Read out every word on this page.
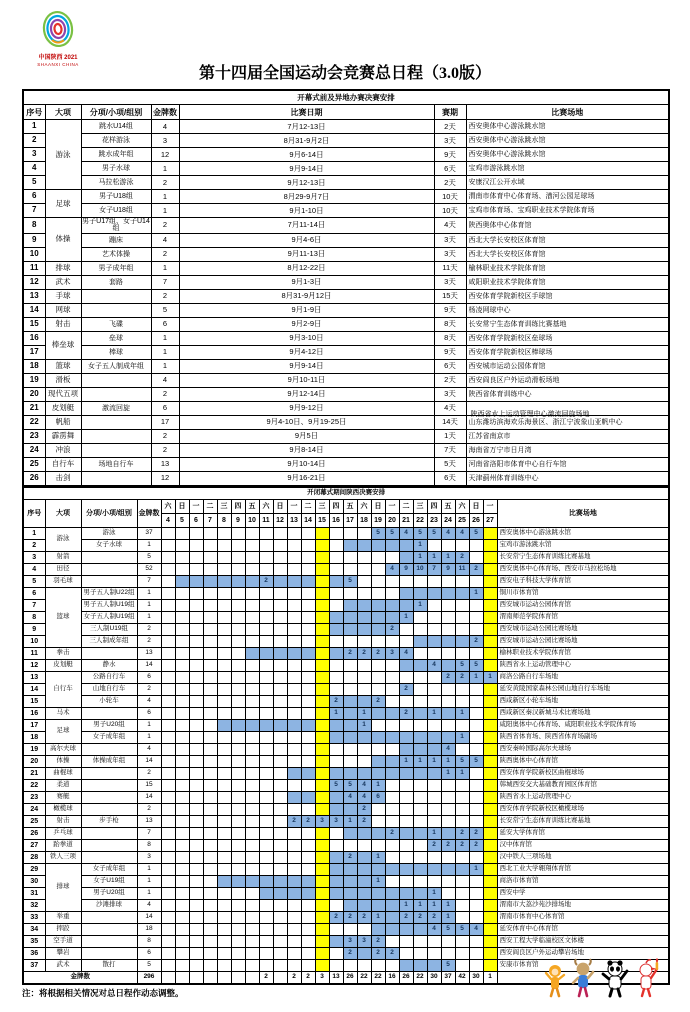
中国陕西 2021
SHAANXI CHINA
第十四届全国运动会竞赛总日程（3.0版）
开幕式前及异地办赛决赛安排						
序号	大项	分项/小项/组别	金牌数	比赛日期	赛期	比赛场地
1	游泳	跳水U14组	4	7月12-13日	2天	西安奥体中心游泳跳水馆
2		花样游泳	3	8月31-9月2日	3天	西安奥体中心游泳跳水馆
3		跳水成年组	12	9月6-14日	9天	西安奥体中心游泳跳水馆
4		男子水球	1	9月9-14日	6天	宝鸡市游泳跳水馆
5		马拉松游泳	2	9月12-13日	2天	安康汉江公开水域
6	足球	男子U18组	1	8月29-9月7日	10天	渭南市体育中心体育场、湭河公园足球场
7		女子U18组	1	9月1-10日	10天	宝鸡市体育场、宝鸡职业技术学院体育场
8	体操	男子U17组、女子U14组	2	7月11-14日	4天	陕西奥体中心体育馆
9		蹦床	4	9月4-6日	3天	西北大学长安校区体育馆
10		艺术体操	2	9月11-13日	3天	西北大学长安校区体育馆
11	排球	男子成年组	1	8月12-22日	11天	榆林职业技术学院体育馆
12	武术	套路	7	9月1-3日	3天	咸阳职业技术学院体育馆
13	手球		2	8月31-9月12日	15天	西安体育学院新校区手球馆
14	网球		5	9月1-9日	9天	杨凌网球中心
15	射击	飞碟	6	9月2-9日	8天	长安常宁生态体育训练比赛基地
16	棒垒球	垒球	1	9月3-10日	8天	西安体育学院新校区垒球场
17		棒球	1	9月4-12日	9天	西安体育学院新校区棒球场
18	篮球	女子五人制成年组	1	9月9-14日	6天	西安城市运动公园体育馆
19	滑板		4	9月10-11日	2天	西安阎良区户外运动滑板场地
20	现代五项		2	9月12-14日	3天	陕西省体育训练中心
21	皮划艇	激流回旋	6	9月9-12日	4天	陕西省水上运动管理中心激流回旋场地

22	帆船		17	9月4-10日、9月19-25日	14天	山东潍坊滨海欢乐海景区、浙江宁波象山亚帆中心
23	霹雳舞		2	9月5日	1天	江苏省南京市
24	冲浪		2	9月8-14日	7天	海南省万宁市日月湾
25	自行车	场地自行车	13	9月10-14日	5天	河南省洛阳市体育中心自行车馆
26	击剑		12	9月16-21日	6天	天津蓟州体育训练中心
开闭幕式期间陕西决赛安排																												
序号	大项	分项/小项/组别	金牌数	六	日	一	二	三	四	五	六	日	一	二	三	四	五	六	日	一	二	三	四	五	六	日	一	比赛场地
				4	5	6	7	8	9	10	11	12	13	14	15	16	17	18	19	20	21	22	23	24	25	26	27	
1	游泳	游泳	37																5	5	4	5	5	4	4	5		西安奥体中心游泳跳水馆
2		女子水球	1																			1						宝鸡市游泳跳水馆
3	射箭		5																			1	1	1	2			长安常宁生态体育训练比赛基地
4	田径		52																	4	9	10	7	9	11	2		西安奥体中心体育场、西安市马拉松场地
5	羽毛球		7								2						5											西安电子科技大学体育馆
6	篮球	男子五人制U22组	1																							1		铜川市体育馆
7		男子五人制U19组	1																			1						西安城市运动公园体育馆
8		女子五人制U19组	1																		1							渭南师范学院体育馆
9		三人制U19组	2																	2								西安城市运动公园比赛场地
10		三人制成年组	2																							2		西安城市运动公园比赛场地
11	拳击		13														2	2	2	3	4							榆林职业技术学院体育馆
12	皮划艇	静水	14																				4		5	5		陕西省水上运动管理中心
13	自行车	公路自行车	6																					2	2	1	1	商洛公路自行车场地
14		山地自行车	2																		2							延安黄陵国家森林公园山地自行车场地
15		小轮车	4													2			2									西咸新区小轮车场地
16	马术		6													1		1			2		1		1			西咸新区秦汉新城马术比赛场地
17	足球	男子U20组	1															1										咸阳奥体中心体育场、咸阳职业技术学院体育场
18		女子成年组	1																						1			陕西省体育场、陕西省体育场副场
19	高尔夫球		4																					4				西安秦岭国际高尔夫球场
20	体操	体操成年组	14																		1	1	1	1	5	5		陕西奥体中心体育馆
21	曲棍球		2																					1	1			西安体育学院新校区曲棍球场
22	柔道		15													5	5	4	1									韩城西安交大基础教育园区体育馆
23	赛艇		14														4	4	6									陕西省水上运动管理中心
24	橄榄球		2															2										西安体育学院新校区橄榄球场
25	射击	步手枪	13										2	2	3	3	1	2										长安常宁生态体育训练比赛基地
26	乒乓球		7																	2			1		2	2		延安大学体育馆
27	跆拳道		8																				2	2	2	2		汉中体育馆
28	铁人三项		3														2		1									汉中铁人三项场地
29	排球	女子成年组	1																							1		西北工业大学翱翔体育馆
30		女子U19组	1																1									商洛市体育馆
31		男子U20组	1																				1					西安中学
32		沙滩排球	4																		1	1	1	1				渭南市大荔沙苑沙排场地
33	举重		14													2	2	2	1		2	2	2	1				渭南市体育中心体育馆
34	摔跤		18																				4	5	5	4		延安体育中心体育馆
35	空手道		8														3	3	2									西安工程大学临潼校区文体楼
36	攀岩		6														2		2	2								西安阎良区户外运动攀岩场地
37	武术	散打	5																					5				安康市体育馆
金牌数			296								2		2	2	3	13	26	22	22	16	26	22	30	37	42	30	1	
注：将根据相关情况对总日程作动态调整。
